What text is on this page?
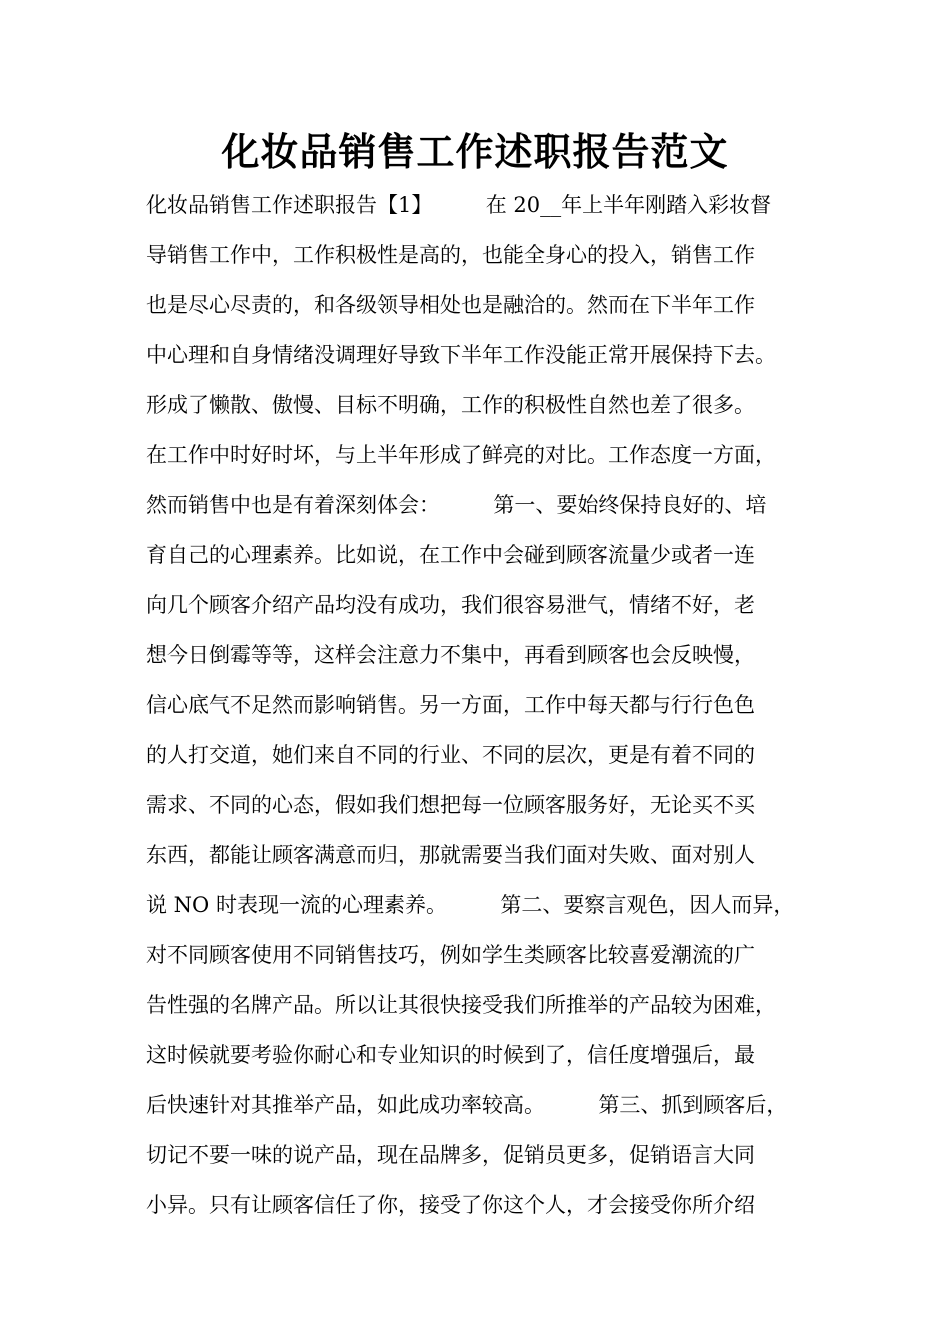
化妆品销售工作述职报告范文
化妆品销售工作述职报告【1】        在 20__年上半年刚踏入彩妆督
导销售工作中，工作积极性是高的，也能全身心的投入，销售工作
也是尽心尽责的，和各级领导相处也是融洽的。然而在下半年工作
中心理和自身情绪没调理好导致下半年工作没能正常开展保持下去。
形成了懒散、傲慢、目标不明确，工作的积极性自然也差了很多。
在工作中时好时坏，与上半年形成了鲜亮的对比。工作态度一方面，
然而销售中也是有着深刻体会：        第一、要始终保持良好的、培
育自己的心理素养。比如说，在工作中会碰到顾客流量少或者一连
向几个顾客介绍产品均没有成功，我们很容易泄气，情绪不好，老
想今日倒霉等等，这样会注意力不集中，再看到顾客也会反映慢，
信心底气不足然而影响销售。另一方面，工作中每天都与行行色色
的人打交道，她们来自不同的行业、不同的层次，更是有着不同的
需求、不同的心态，假如我们想把每一位顾客服务好，无论买不买
东西，都能让顾客满意而归，那就需要当我们面对失败、面对别人
说 NO 时表现一流的心理素养。        第二、要察言观色，因人而异，
对不同顾客使用不同销售技巧，例如学生类顾客比较喜爱潮流的广
告性强的名牌产品。所以让其很快接受我们所推举的产品较为困难，
这时候就要考验你耐心和专业知识的时候到了，信任度增强后，最
后快速针对其推举产品，如此成功率较高。        第三、抓到顾客后，
切记不要一味的说产品，现在品牌多，促销员更多，促销语言大同
小异。只有让顾客信任了你，接受了你这个人，才会接受你所介绍
